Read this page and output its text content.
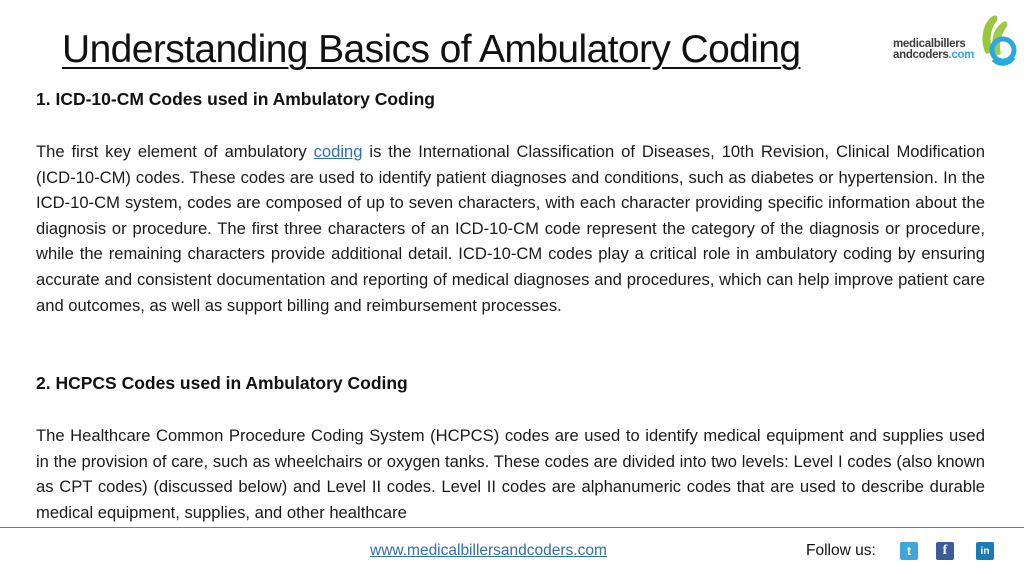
Understanding Basics of Ambulatory Coding	medicalbillers
andcoders.com
1. ICD-10-CM Codes used in Ambulatory Coding
The first key element of ambulatory coding is the International Classification of Diseases, 10th Revision, Clinical Modification (ICD-10-CM) codes. These codes are used to identify patient diagnoses and conditions, such as diabetes or hypertension. In the ICD-10-CM system, codes are composed of up to seven characters, with each character providing specific information about the diagnosis or procedure. The first three characters of an ICD-10-CM code represent the category of the diagnosis or procedure, while the remaining characters provide additional detail. ICD-10-CM codes play a critical role in ambulatory coding by ensuring accurate and consistent documentation and reporting of medical diagnoses and procedures, which can help improve patient care and outcomes, as well as support billing and reimbursement processes.
2. HCPCS Codes used in Ambulatory Coding
The Healthcare Common Procedure Coding System (HCPCS) codes are used to identify medical equipment and supplies used in the provision of care, such as wheelchairs or oxygen tanks. These codes are divided into two levels: Level I codes (also known as CPT codes) (discussed below) and Level II codes. Level II codes are alphanumeric codes that are used to describe durable medical equipment, supplies, and other healthcare
www.medicalbillersandcoders.com	Follow us:	t	f	in
